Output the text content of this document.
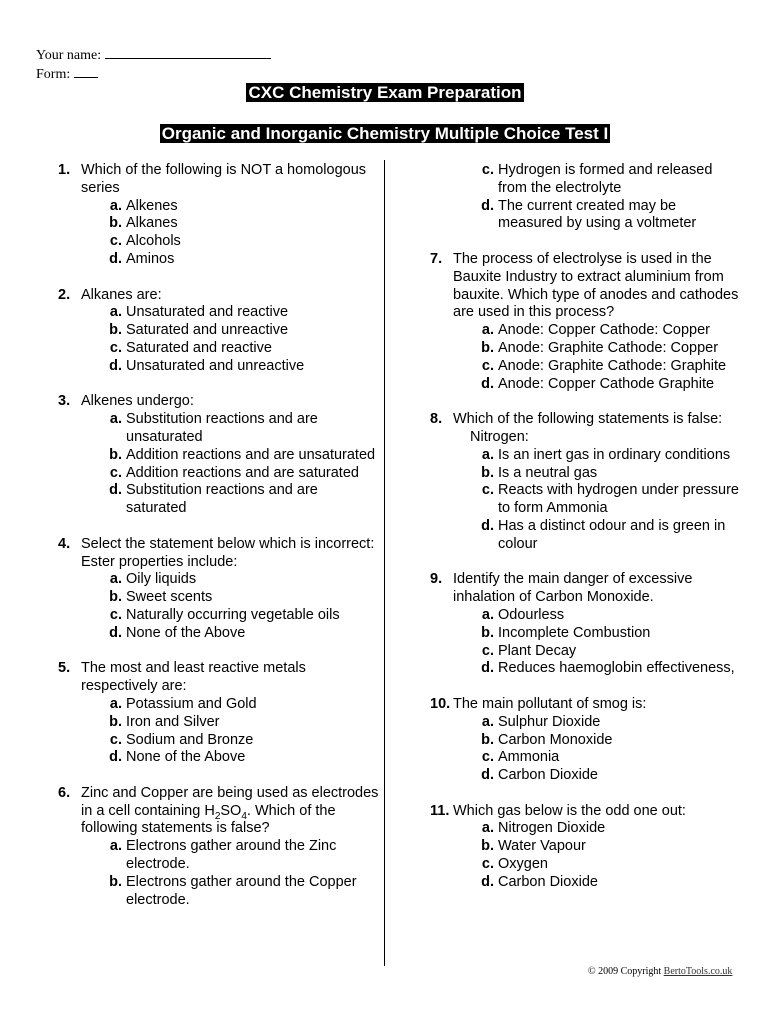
Your name:
Form:
CXC Chemistry Exam Preparation
Organic and Inorganic Chemistry Multiple Choice Test I
1. Which of the following is NOT a homologous series
a. Alkenes
b. Alkanes
c. Alcohols
d. Aminos
2. Alkanes are:
a. Unsaturated and reactive
b. Saturated and unreactive
c. Saturated and reactive
d. Unsaturated and unreactive
3. Alkenes undergo:
a. Substitution reactions and are unsaturated
b. Addition reactions and are unsaturated
c. Addition reactions and are saturated
d. Substitution reactions and are saturated
4. Select the statement below which is incorrect: Ester properties include:
a. Oily liquids
b. Sweet scents
c. Naturally occurring vegetable oils
d. None of the Above
5. The most and least reactive metals respectively are:
a. Potassium and Gold
b. Iron and Silver
c. Sodium and Bronze
d. None of the Above
6. Zinc and Copper are being used as electrodes in a cell containing $H_2SO_4$. Which of the following statements is false?
a. Electrons gather around the Zinc electrode.
b. Electrons gather around the Copper electrode.
c. Hydrogen is formed and released from the electrolyte
d. The current created may be measured by using a voltmeter
7. The process of electrolyse is used in the Bauxite Industry to extract aluminium from bauxite. Which type of anodes and cathodes are used in this process?
a. Anode: Copper Cathode: Copper
b. Anode: Graphite Cathode: Copper
c. Anode: Graphite Cathode: Graphite
d. Anode: Copper Cathode Graphite
8. Which of the following statements is false:
Nitrogen:
a. Is an inert gas in ordinary conditions
b. Is a neutral gas
c. Reacts with hydrogen under pressure to form Ammonia
d. Has a distinct odour and is green in colour
9. Identify the main danger of excessive inhalation of Carbon Monoxide.
a. Odourless
b. Incomplete Combustion
c. Plant Decay
d. Reduces haemoglobin effectiveness,
10. The main pollutant of smog is:
a. Sulphur Dioxide
b. Carbon Monoxide
c. Ammonia
d. Carbon Dioxide
11. Which gas below is the odd one out:
a. Nitrogen Dioxide
b. Water Vapour
c. Oxygen
d. Carbon Dioxide
© 2009 Copyright BertoTools.co.uk
